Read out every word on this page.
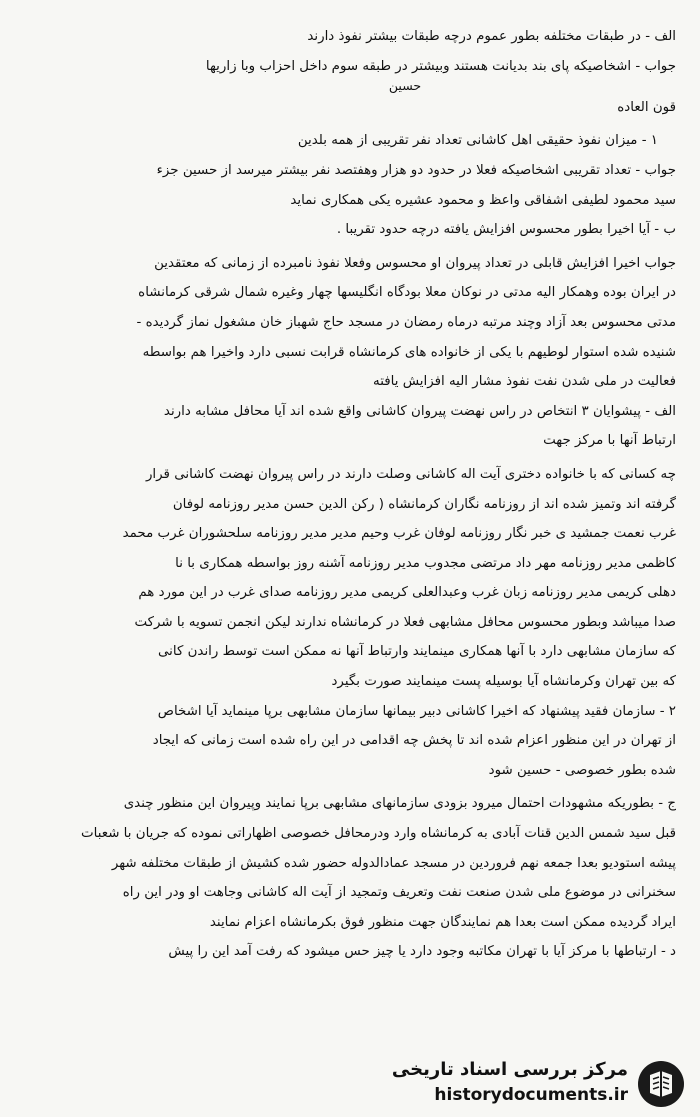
الف - در طبقات مختلفه بطور عموم درچه طبقات بیشتر نفوذ دارند
جواب - اشخاصیکه پای بند بدیانت هستند وبیشتر در طبقه سوم داخل احزاب وبا زاریها
حسین
قون العاده
۱ - میزان نفوذ حقیقی اهل کاشانی تعداد نفر تقریبی از همه بلدین
جواب - تعداد تقریبی اشخاصیکه فعلا در حدود دو هزار وهفتصد نفر بیشتر میرسد از حسین جزء
سید محمود لطیفی اشفاقی واعظ و محمود عشیره یکی همکاری نماید
ب - آیا اخیرا بطور محسوس افزایش یافته درچه حدود تقریبا .
جواب اخیرا افزایش قابلی در تعداد پیروان او محسوس وفعلا نفوذ نامبرده از زمانی که معتقدین
در ایران بوده وهمکار الیه مدتی در نوکان معلا بودگاه انگلیسها چهار وغیره شمال شرقی کرمانشاه
مدتی محسوس بعد آزاد وچند مرتبه درماه رمضان در مسجد حاج شهباز خان مشغول نماز گردیده -
شنیده شده استوار لوطیهم با یکی از خانواده های کرمانشاه قرابت نسبی دارد واخیرا هم بواسطه
فعالیت در ملی شدن نفت نفوذ مشار الیه افزایش یافته
الف - پیشوایان ۳ انتخاص در راس نهضت پیروان کاشانی واقع شده اند آیا محافل مشابه دارند
ارتباط آنها با مرکز جهت
چه کسانی که با خانواده دختری آیت اله کاشانی وصلت دارند در راس پیروان نهضت کاشانی قرار
گرفته اند وتمیز شده اند از روزنامه نگاران کرمانشاه ( رکن الدین حسن مدیر روزنامه لوفان
غرب نعمت جمشید ی خبر نگار روزنامه لوفان غرب وحیم مدیر مدیر روزنامه سلحشوران غرب محمد
کاظمی مدیر روزنامه مهر داد مرتضی مجدوب مدیر روزنامه آشنه روز بواسطه همکاری با نا
دهلی کریمی مدیر روزنامه زبان غرب وعبدالعلی کریمی مدیر روزنامه صدای غرب در این مورد هم
صدا میباشد وبطور محسوس محافل مشابهی فعلا در کرمانشاه ندارند لیکن انجمن تسویه با شرکت
که سازمان مشابهی دارد با آنها همکاری مینمایند وارتباط آنها نه ممکن است توسط راندن کانی
که بین تهران وکرمانشاه آیا بوسیله پست مینمایند صورت بگیرد
۲ - سازمان فقید پیشنهاد که اخیرا کاشانی دبیر بیمانها سازمان مشابهی برپا مینماید آیا اشخاص
از تهران در این منظور اعزام شده اند تا پخش چه اقدامی در این راه شده است زمانی که ایجاد
شده بطور خصوصی - حسین شود
ج - بطوریکه مشهودات احتمال میرود بزودی سازمانهای مشابهی برپا نمایند وپیروان این منظور چندی
قبل سید شمس الدین قنات آبادی به کرمانشاه وارد ودرمحافل خصوصی اظهاراتی نموده که جریان با شعبات
پیشه استودیو بعدا جمعه نهم فروردین در مسجد عمادالدوله حضور شده کشیش از طبقات مختلفه شهر
سخنرانی در موضوع ملی شدن صنعت نفت وتعریف وتمجید از آیت اله کاشانی وجاهت او ودر این راه
ایراد گردیده ممکن است بعدا هم نمایندگان جهت منظور فوق بکرمانشاه اعزام نمایند
د - ارتباطها با مرکز آیا با تهران مکاتبه وجود دارد یا چیز حس میشود که رفت آمد این را پیش
مرکز بررسی اسناد تاریخی
historydocuments.ir
